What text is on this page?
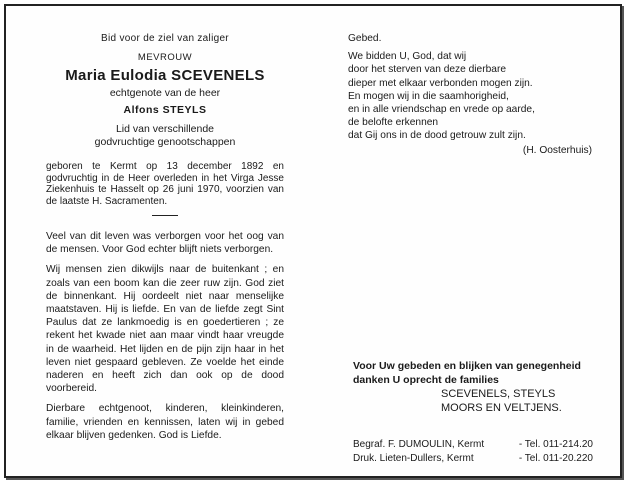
Bid voor de ziel van zaliger
MEVROUW
Maria Eulodia SCEVENELS
echtgenote van de heer
Alfons STEYLS
Lid van verschillende
godvruchtige genootschappen
geboren te Kermt op 13 december 1892 en godvruchtig in de Heer overleden in het Virga Jesse Ziekenhuis te Hasselt op 26 juni 1970, voorzien van de laatste H. Sacramenten.
Veel van dit leven was verborgen voor het oog van de mensen. Voor God echter blijft niets verborgen.
Wij mensen zien dikwijls naar de buitenkant ; en zoals van een boom kan die zeer ruw zijn. God ziet de binnenkant. Hij oordeelt niet naar menselijke maatstaven. Hij is liefde. En van de liefde zegt Sint Paulus dat ze lankmoedig is en goedertieren ; ze rekent het kwade niet aan maar vindt haar vreugde in de waarheid. Het lijden en de pijn zijn haar in het leven niet gespaard gebleven. Ze voelde het einde naderen en heeft zich dan ook op de dood voorbereid.
Dierbare echtgenoot, kinderen, kleinkinderen, familie, vrienden en kennissen, laten wij in gebed elkaar blijven gedenken. God is Liefde.
Gebed.
We bidden U, God, dat wij
door het sterven van deze dierbare
dieper met elkaar verbonden mogen zijn.
En mogen wij in die saamhorigheid,
en in alle vriendschap en vrede op aarde,
de belofte erkennen
dat Gij ons in de dood getrouw zult zijn.
(H. Oosterhuis)
Voor Uw gebeden en blijken van genegenheid
danken U oprecht de families
SCEVENELS, STEYLS
MOORS EN VELTJENS.
Begraf. F. DUMOULIN, Kermt	- Tel. 011-214.20
Druk. Lieten-Dullers, Kermt	- Tel. 011-20.220
